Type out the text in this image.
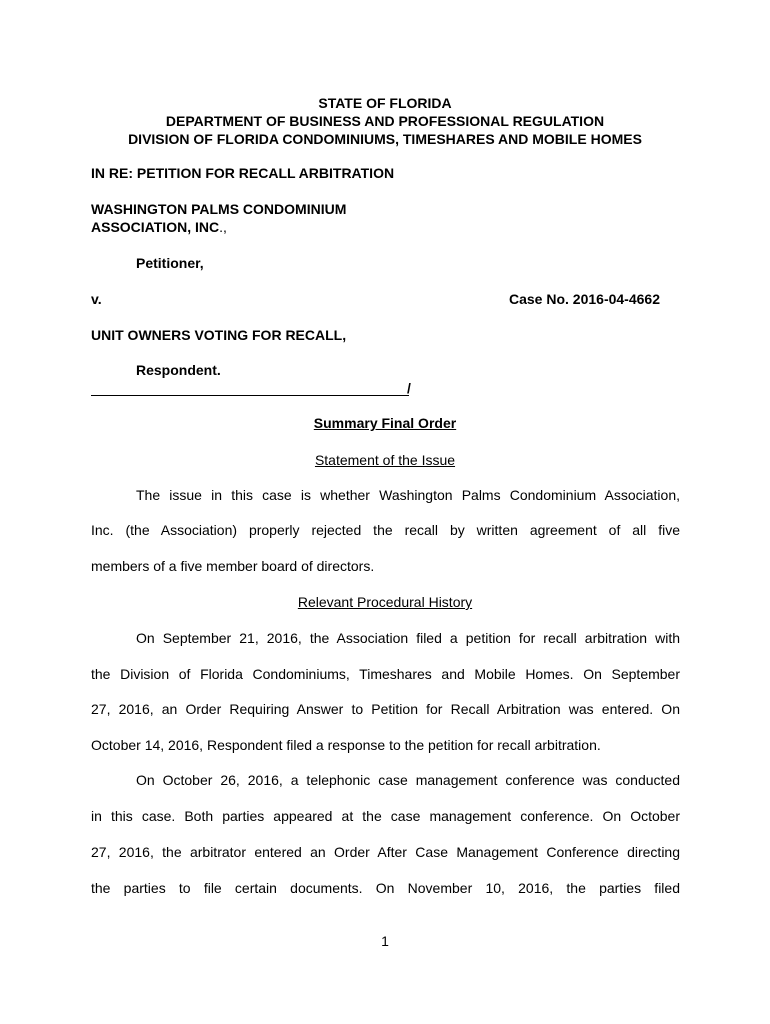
STATE OF FLORIDA
DEPARTMENT OF BUSINESS AND PROFESSIONAL REGULATION
DIVISION OF FLORIDA CONDOMINIUMS, TIMESHARES AND MOBILE HOMES
IN RE: PETITION FOR RECALL ARBITRATION
WASHINGTON PALMS CONDOMINIUM
ASSOCIATION, INC.,
Petitioner,
v.	Case No. 2016-04-4662
UNIT OWNERS VOTING FOR RECALL,
Respondent.
/
Summary Final Order
Statement of the Issue
The issue in this case is whether Washington Palms Condominium Association,
Inc. (the Association) properly rejected the recall by written agreement of all five
members of a five member board of directors.
Relevant Procedural History
On September 21, 2016, the Association filed a petition for recall arbitration with
the Division of Florida Condominiums, Timeshares and Mobile Homes. On September
27, 2016, an Order Requiring Answer to Petition for Recall Arbitration was entered. On
October 14, 2016, Respondent filed a response to the petition for recall arbitration.
On October 26, 2016, a telephonic case management conference was conducted
in this case. Both parties appeared at the case management conference. On October
27, 2016, the arbitrator entered an Order After Case Management Conference directing
the parties to file certain documents. On November 10, 2016, the parties filed
1
